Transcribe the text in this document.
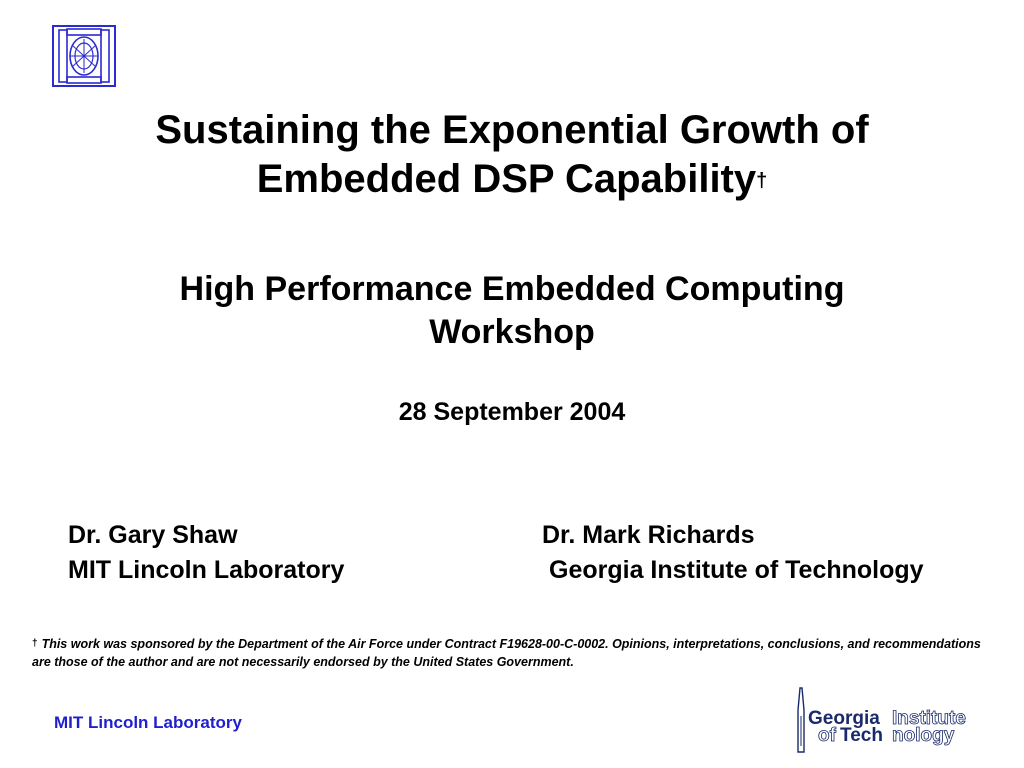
Sustaining the Exponential Growth of
Embedded DSP Capability†
High Performance Embedded Computing
Workshop
28 September 2004
Dr. Gary Shaw
MIT Lincoln Laboratory
Dr. Mark Richards
Georgia Institute of Technology
† This work was sponsored by the Department of the Air Force under Contract F19628-00-C-0002. Opinions, interpretations, conclusions, and recommendations are those of the author and are not necessarily endorsed by the United States Government.
MIT Lincoln Laboratory	Georgia Institute
of Tech nology
